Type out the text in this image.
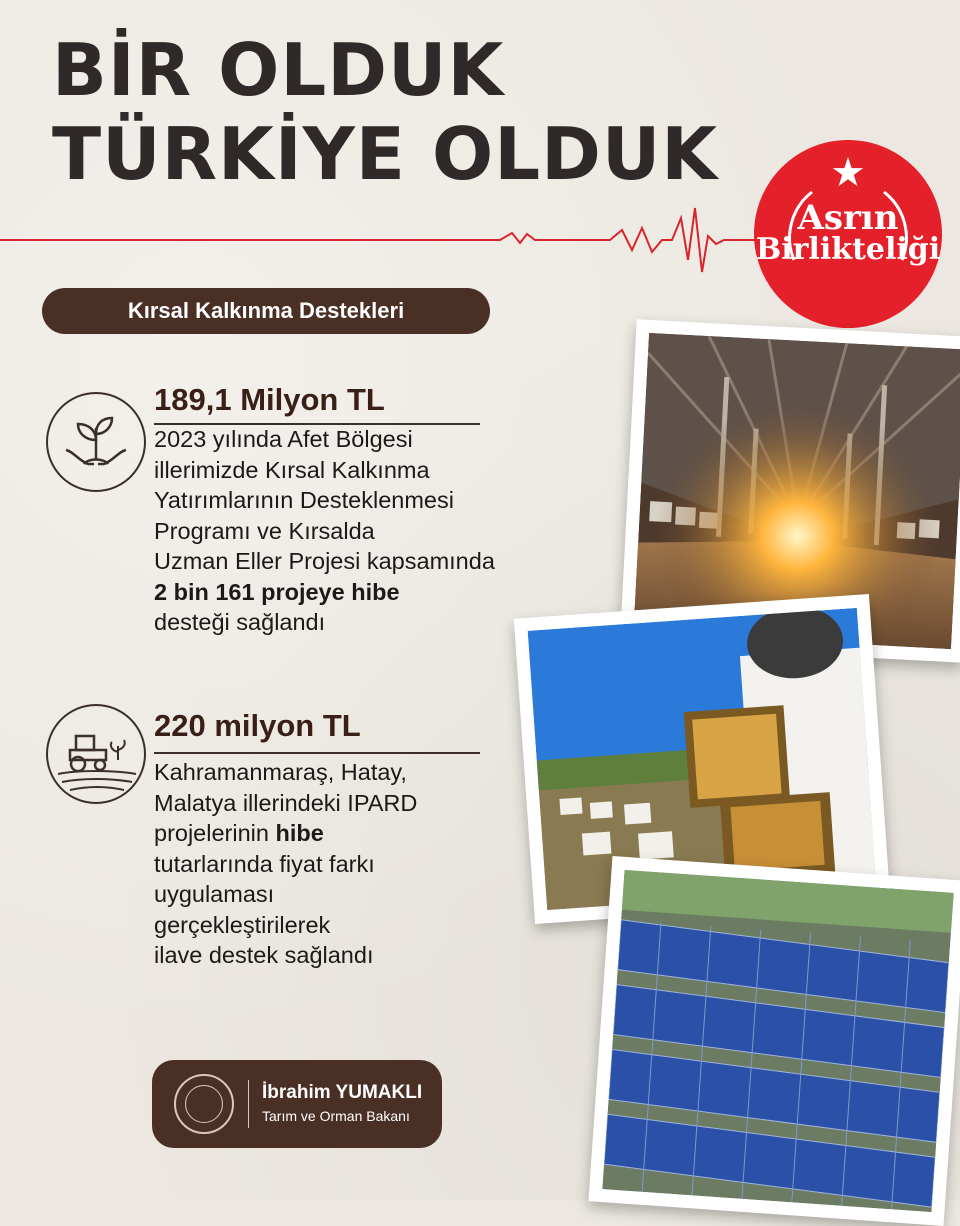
BİR OLDUK
TÜRKİYE OLDUK
Asrın
Birlikteliği
Kırsal Kalkınma Destekleri
189,1 Milyon TL
2023 yılında Afet Bölgesi
illerimizde Kırsal Kalkınma
Yatırımlarının Desteklenmesi
Programı ve Kırsalda
Uzman Eller Projesi kapsamında
2 bin 161 projeye hibe
desteği sağlandı
220 milyon TL
Kahramanmaraş, Hatay,
Malatya illerindeki IPARD
projelerinin hibe
tutarlarında fiyat farkı
uygulaması
gerçekleştirilerek
ilave destek sağlandı
İbrahim YUMAKLI
Tarım ve Orman Bakanı
